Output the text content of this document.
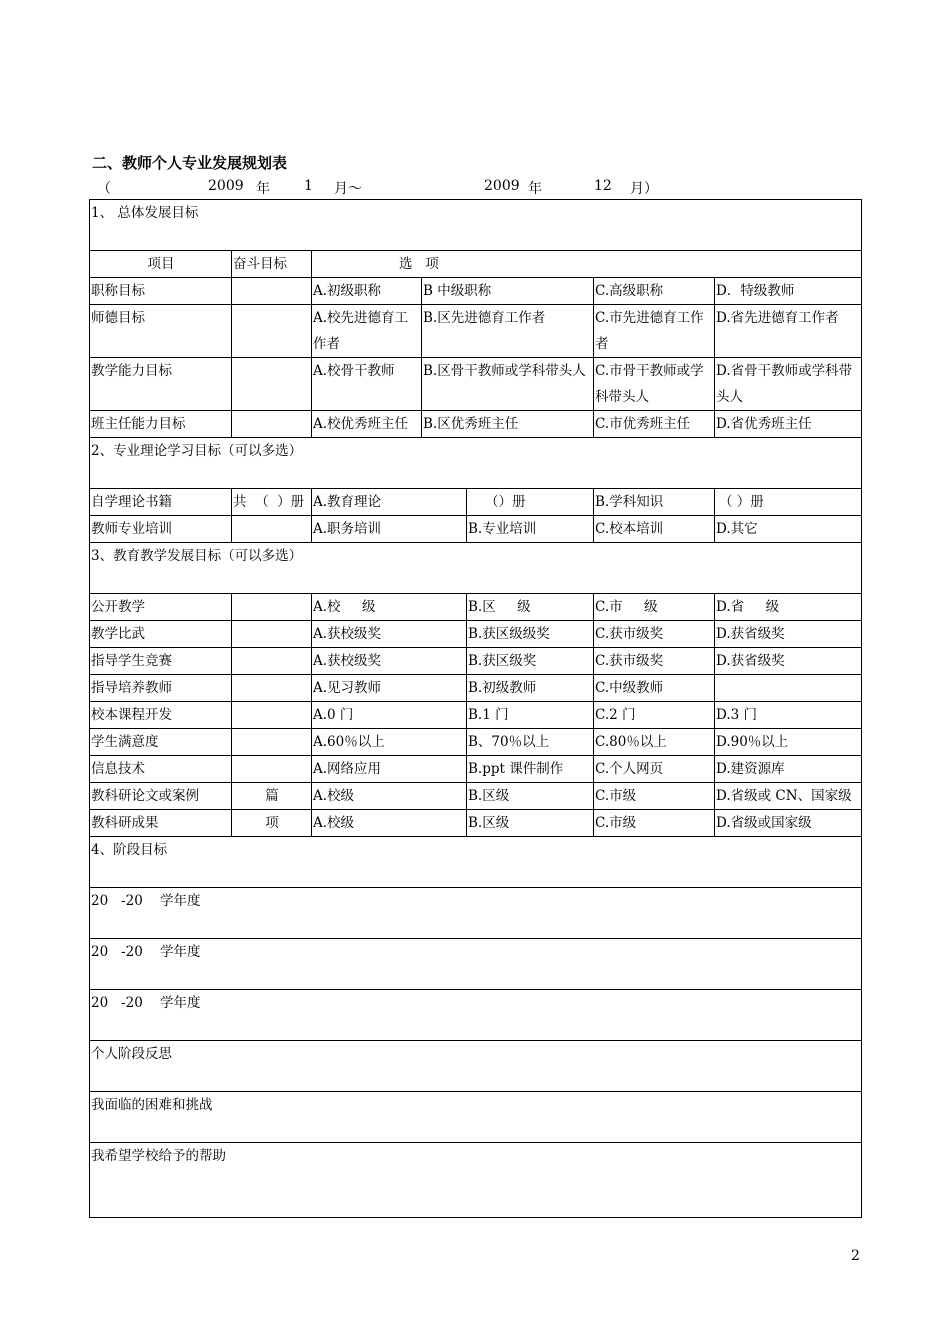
二、教师个人专业发展规划表
（	2009 年 1 月～	2009 年	12 月）
1、 总体发展目标						
项目	奋斗目标	选   项				
职称目标		A.初级职称	B 中级职称		C.高级职称	D．特级教师
师德目标		A.校先进德育工作者	B.区先进德育工作者		C.市先进德育工作者	D.省先进德育工作者
教学能力目标		A.校骨干教师	B.区骨干教师或学科带头人		C.市骨干教师或学科带头人	D.省骨干教师或学科带头人
班主任能力目标		A.校优秀班主任	B.区优秀班主任		C.市优秀班主任	D.省优秀班主任
2、专业理论学习目标（可以多选）						
自学理论书籍	共  （  ）册	A.教育理论		（）册	B.学科知识	（ ）册
教师专业培训		A.职务培训		B.专业培训	C.校本培训	D.其它
3、教育教学发展目标（可以多选）						
公开教学		A.校     级		B.区     级	C.市     级	D.省     级
教学比武		A.获校级奖		B.获区级级奖	C.获市级奖	D.获省级奖
指导学生竞赛		A.获校级奖		B.获区级奖	C.获市级奖	D.获省级奖
指导培养教师		A.见习教师		B.初级教师	C.中级教师	
校本课程开发		A.0 门		B.1 门	C.2 门	D.3 门
学生满意度		A.60％以上		B、70％以上	C.80％以上	D.90％以上
信息技术		A.网络应用		B.ppt 课件制作	C.个人网页	D.建资源库
教科研论文或案例	篇	A.校级		B.区级	C.市级	D.省级或 CN、国家级
教科研成果	项	A.校级		B.区级	C.市级	D.省级或国家级
4、阶段目标						
20   -20    学年度						
20   -20    学年度						
20   -20    学年度						
个人阶段反思						
我面临的困难和挑战						
我希望学校给予的帮助						
2
